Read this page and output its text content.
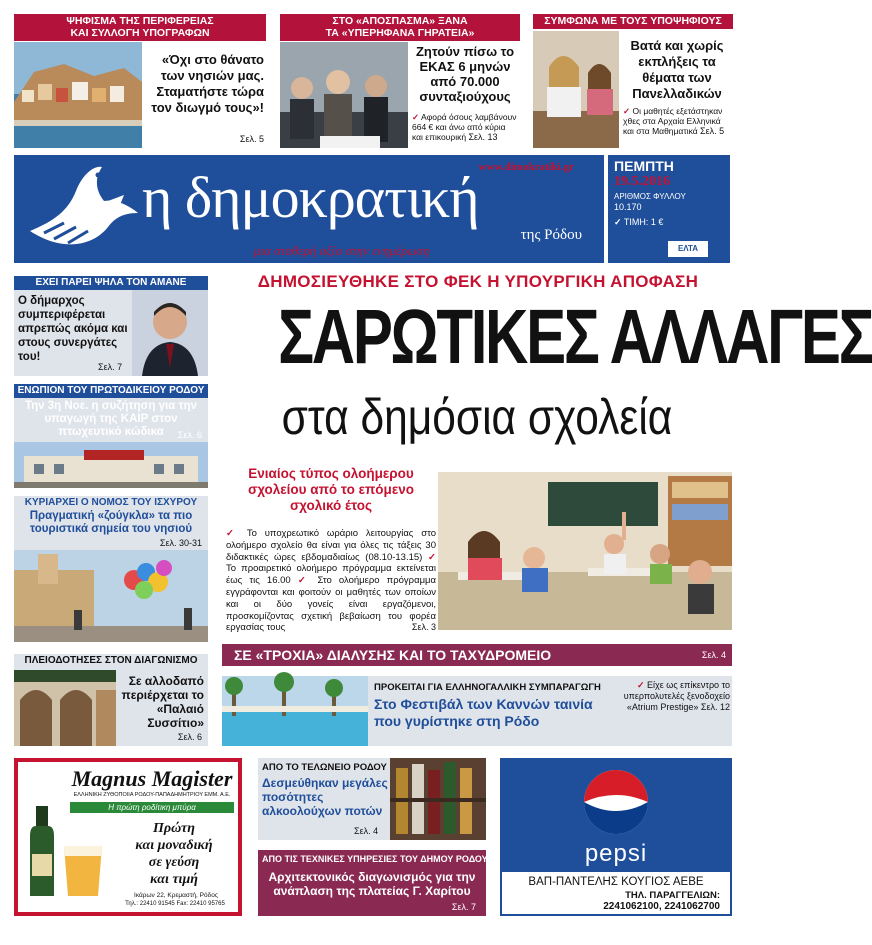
ΨΗΦΙΣΜΑ ΤΗΣ ΠΕΡΙΦΕΡΕΙΑΣ
ΚΑΙ ΣΥΛΛΟΓΗ ΥΠΟΓΡΑΦΩΝ
«Όχι στο θάνατο των νησιών μας. Σταματήστε τώρα τον διωγμό τους»!
Σελ. 5
ΣΤΟ «ΑΠΟΣΠΑΣΜΑ» ΞΑΝΑ
ΤΑ «ΥΠΕΡΗΦΑΝΑ ΓΗΡΑΤΕΙΑ»
Ζητούν πίσω το ΕΚΑΣ 6 μηνών από 70.000 συνταξιούχους
✓ Αφορά όσους λαμβάνουν 664 € και άνω από κύρια και επικουρική Σελ. 13
ΣΥΜΦΩΝΑ ΜΕ ΤΟΥΣ ΥΠΟΨΗΦΙΟΥΣ
Βατά και χωρίς εκπλήξεις τα θέματα των Πανελλαδικών
✓ Οι μαθητές εξετάστηκαν χθες στα Αρχαία Ελληνικά και στα Μαθηματικά Σελ. 5
www.dimokratiki.gr
η δημοκρατική
της Ρόδου
μια σταθερή αξία στην ενημέρωση
ΠΕΜΠΤΗ
19.5.2016
ΑΡΙΘΜΟΣ ΦΥΛΛΟΥ
10.170
✓ ΤΙΜΗ: 1 €
ΕΛΤΑ
ΕΧΕΙ ΠΑΡΕΙ ΨΗΛΑ ΤΟΝ ΑΜΑΝΕ
Ο δήμαρχος συμπεριφέρεται απρεπώς ακόμα και στους συνεργάτες του!
Σελ. 7
ΕΝΩΠΙΟΝ ΤΟΥ ΠΡΩΤΟΔΙΚΕΙΟΥ ΡΟΔΟΥ
Την 3η Νοε. η συζήτηση για την υπαγωγή της ΚΑΙΡ στον πτωχευτικό κώδικα	Σελ. 6
ΚΥΡΙΑΡΧΕΙ Ο ΝΟΜΟΣ ΤΟΥ ΙΣΧΥΡΟΥ
Πραγματική «ζούγκλα» τα πιο τουριστικά σημεία του νησιού
Σελ. 30-31
ΠΛΕΙΟΔΟΤΗΣΕΣ ΣΤΟΝ ΔΙΑΓΩΝΙΣΜΟ
Σε αλλοδαπό περιέρχεται το «Παλαιό Συσσίτιο»
Σελ. 6
ΔΗΜΟΣΙΕΥΘΗΚΕ ΣΤΟ ΦΕΚ Η ΥΠΟΥΡΓΙΚΗ ΑΠΟΦΑΣΗ
ΣΑΡΩΤΙΚΕΣ ΑΛΛΑΓΕΣ
στα δημόσια σχολεία
Ενιαίος τύπος ολοήμερου σχολείου από το επόμενο σχολικό έτος
✓ Το υποχρεωτικό ωράριο λειτουργίας στο ολοήμερο σχολείο θα είναι για όλες τις τάξεις 30 διδακτικές ώρες εβδομαδιαίως (08.10-13.15) ✓ Το προαιρετικό ολοήμερο πρόγραμμα εκτείνεται έως τις 16.00 ✓ Στο ολοήμερο πρόγραμμα εγγράφονται και φοιτούν οι μαθητές των οποίων και οι δύο γονείς είναι εργαζόμενοι, προσκομίζοντας σχετική βεβαίωση του φορέα εργασίας τους	Σελ. 3
ΣΕ «ΤΡΟΧΙΑ» ΔΙΑΛΥΣΗΣ ΚΑΙ ΤΟ ΤΑΧΥΔΡΟΜΕΙΟ	Σελ. 4
ΠΡΟΚΕΙΤΑΙ ΓΙΑ ΕΛΛΗΝΟΓΑΛΛΙΚΗ ΣΥΜΠΑΡΑΓΩΓΗ
Στο Φεστιβάλ των Καννών ταινία που γυρίστηκε στη Ρόδο
✓ Είχε ως επίκεντρο το υπερπολυτελές ξενοδοχείο «Atrium Prestige» Σελ. 12
Magnus Magister
ΕΛΛΗΝΙΚΗ ΖΥΘΟΠΟΙΙΑ ΡΟΔΟΥ-ΠΑΠΑΔΗΜΗΤΡΙΟΥ ΕΜΜ. Α.Ε.
Η πρώτη ροδίτικη μπύρα
Πρώτη
και μοναδική
σε γεύση
και τιμή
Ικάρων 22, Κρεμαστή, Ρόδος
Τηλ.: 22410 91545 Fax: 22410 95765
ΑΠΟ ΤΟ ΤΕΛΩΝΕΙΟ ΡΟΔΟΥ
Δεσμεύθηκαν μεγάλες ποσότητες αλκοολούχων ποτών
Σελ. 4
ΑΠΟ ΤΙΣ ΤΕΧΝΙΚΕΣ ΥΠΗΡΕΣΙΕΣ ΤΟΥ ΔΗΜΟΥ ΡΟΔΟΥ
Αρχιτεκτονικός διαγωνισμός για την ανάπλαση της πλατείας Γ. Χαρίτου
Σελ. 7
pepsi
ΒΑΠ-ΠΑΝΤΕΛΗΣ ΚΟΥΓΙΟΣ ΑΕΒΕ
ΤΗΛ. ΠΑΡΑΓΓΕΛΙΩΝ:
2241062100, 2241062700
